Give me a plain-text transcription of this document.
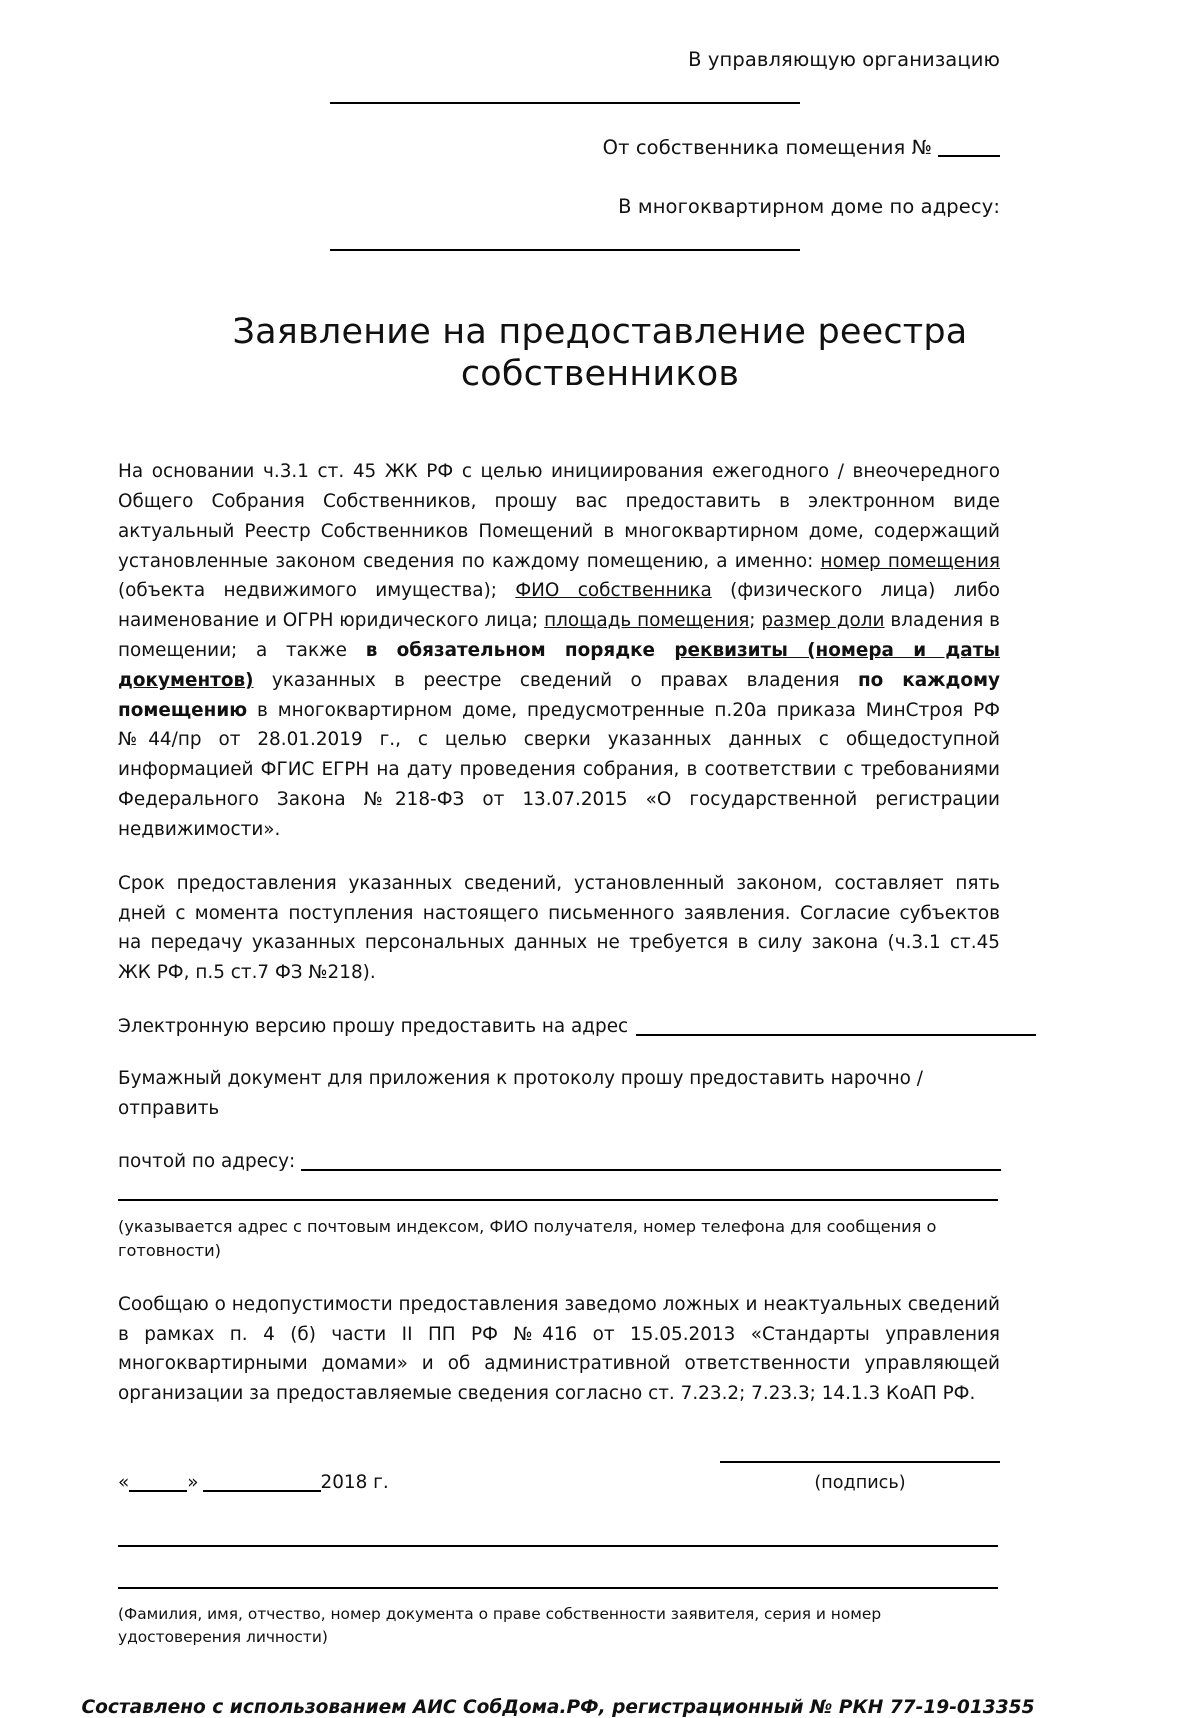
В управляющую организацию
От собственника помещения №
В многоквартирном доме по адресу:
Заявление на предоставление реестра собственников

На основании ч.3.1 ст. 45 ЖК РФ с целью инициирования ежегодного / внеочередного Общего Собрания Собственников, прошу вас предоставить в электронном виде актуальный Реестр Собственников Помещений в многоквартирном доме, содержащий установленные законом сведения по каждому помещению, а именно: номер помещения (объекта недвижимого имущества); ФИО собственника (физического лица) либо наименование и ОГРН юридического лица; площадь помещения; размер доли владения в помещении; а также в обязательном порядке реквизиты (номера и даты документов) указанных в реестре сведений о правах владения по каждому помещению в многоквартирном доме, предусмотренные п.20а приказа МинСтроя РФ №44/пр от 28.01.2019 г., с целью сверки указанных данных с общедоступной информацией ФГИС ЕГРН на дату проведения собрания, в соответствии с требованиями Федерального Закона №218-ФЗ от 13.07.2015 «О государственной регистрации недвижимости».

Срок предоставления указанных сведений, установленный законом, составляет пять дней с момента поступления настоящего письменного заявления. Согласие субъектов на передачу указанных персональных данных не требуется в силу закона (ч.3.1 ст.45 ЖК РФ, п.5 ст.7 ФЗ №218).

Электронную версию прошу предоставить на адрес

Бумажный документ для приложения к протоколу прошу предоставить нарочно / отправить

почтой по адресу:
(указывается адрес с почтовым индексом, ФИО получателя, номер телефона для сообщения о готовности)

Сообщаю о недопустимости предоставления заведомо ложных и неактуальных сведений в рамках п. 4 (б) части II ПП РФ №416 от 15.05.2013 «Стандарты управления многоквартирными домами» и об административной ответственности управляющей организации за предоставляемые сведения согласно ст. 7.23.2; 7.23.3; 14.1.3 КоАП РФ.

«	»	2018 г.	(подпись)
(Фамилия, имя, отчество, номер документа о праве собственности заявителя, серия и номер удостоверения личности)
Составлено с использованием АИС СобДома.РФ, регистрационный № РКН 77-19-013355
